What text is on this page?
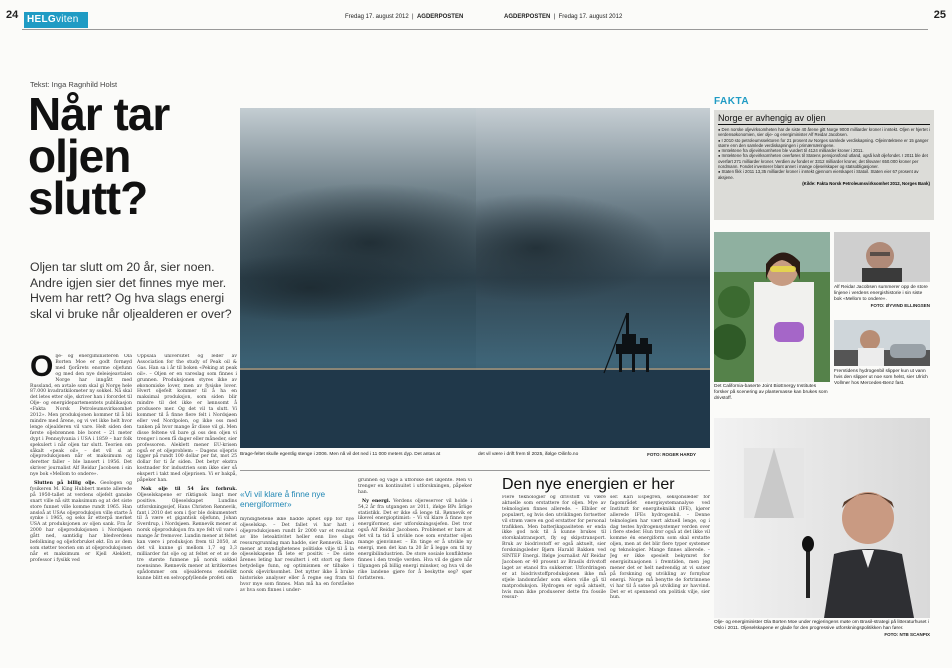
24 HELGviten	Fredag 17. august 2012  |  AGDERPOSTEN
Tekst: Inga Ragnhild Holst
Når tar oljen slutt?
Oljen tar slutt om 20 år, sier noen. Andre igjen sier det finnes mye mer. Hvem har rett? Og hva slags energi skal vi bruke når oljealderen er over?
O lje- og energiministeren Ola Borten Moe er godt fornøyd med fjorårets enorme oljefunn og med den nye deleiejeavtalen Norge har inngått med Russland, en avtale som skal gi Norge hele 87.000 kvadratkilometer ny sokkel. Nå skal det letes etter olje, skriver han i forordet til Olje- og energidepartementets publikasjon «Fakta Norsk Petroleumsvirksomhet 2012». Men produksjonen kommer til å bli mindre med årene, og vi vet ikke helt hvor lenge oljealderen vil vare. Helt siden den første oljebrønnen ble boret – 21 meter dypt i Pennsylvania i USA i 1859 – har folk spekulert i når oljen tar slutt. Teorien om såkalt «peak oil» – det vil si at oljeproduksjonen når et maksimum og deretter faller – ble lansert i 1956. Det skriver journalist Alf Reidar Jacobsen i sin nye bok «Mellom to ondere».

Slutten på billig olje. Geologen og fysikeren M. King Hubbert mente allerede på 1950-tallet at verdens oljefelt ganske snart ville nå sitt maksimum og at det siste store funnet ville komme rundt 1965. Han ansloå at USAs oljeproduksjon ville starte å synke i 1965, og seks år etterpå merket USA at produksjonen av oljen sank. Fra år 2000 har oljeproduksjonen i Nordsjøen gått ned, samtidig har bledverdens befolkning og oljeforbruket økt. En av dem som støtter teorien om at oljeproduksjonen når et maksimum er Kjell Aleklett, professor i fysikk ved

Uppsala universitet og leder av Association for the study of Peak oil & Gas. Han sa i år til boken «Peking at peak oil». – Oljen er en vareslag som finnes i grunnen. Produksjonen styres ikke av økonomiske lover, men av fysiske lover. Hvert oljefelt kommer til å ha en maksimal produksjon, som siden blir mindre til det ikke er lønnsomt å produsere mer. Og det vil ta slutt. Vi kommer til å finne flere felt i Nordsjøen eller ved Nordpolen, og ikke oss med tanken på hvor mange år disse vil gi. Men disse feltene vil bare gi oss den oljen vi trenger i noen få dager eller måneder, sier professoren. Aleklett mener EU-krisen også er et oljeproblem: – Dagens oljepris ligger på rundt 100 dollar per fat, mot 25 dollar for ti år siden. Det betyr ekstra kostnader for industrien som ikke sier så ekspert i takt med oljeprisen. Vi er bakpå, påpeker han.

Nok olje til 54 års forbruk. Oljeselskapene er riktignok langt mer positive. Oljeselskapet Lundins utforskningssjef, Hans Christen Rønnevik, fant i 2010 det som i fjor ble dokumentert til å være et gigantisk oljefunn, Johan Sverdrup, i Nordsjøen. Rønnevik mener at norsk oljeproduksjon fra nye felt vil vare i mange år fremover. Lundin mener at feltet kan være i produksjon frem til 2050, at det vil kunne gi mellom 1,7 og 3,3 milliarder fat olje og at feltet er et av de tre største funnene på norsk sokkel noensinne. Rønnevik mener at kritikernes spådommer om oljealderens endelikt kunne blitt en selvoppfyllende profeti om

Brage-feltet skulle egentlig stenge i 2006. Men nå vil det ned i 11 000 meters dyp. Det antas at
«Vi vil klare å finne nye energiformer»
myndighetene ikke hadde åpnet opp for nye oljeselskap. – Det fallet vi har hatt i oljeproduksjonen rundt år 2000 var et resultat av lite leteaktivitet heller enn live slags ressursgrunnlag man hadde, sier Rønnevik. Han mener at myndighetenes politiske vilje til å la oljeselskapene få lete er positiv. – De siste årenes leting har resultert i ett stort og flere betydelige funn, og optimismen er tilbake i norsk oljevirksomhet. Det nytter ikke å bruke historiske analyser eller å regne seg fram til hvor mye som finnes. Man må ha en forståelse av hva som finnes i under-
grunnen og våge å utforske det ukjente. Men vi trenger en kontinuitet i utforskningen, påpeker han.

Ny energi. Verdens oljereserver vil holde i 54,2 år fra utgangen av 2011, ifølge BPs årlige statistikk. Det er ikke så lenge til. Rønnevik er likevel energioptimist: – Vi vil klare å finne nye energiformer, sier utforskningssjefen. Det tror også Alf Reidar Jacobsen. Problemet er bare at det vil ta tid å utvikle noe som erstatter oljen mange gjenvinner. – En tinge er å utvikle ny energi, men det kan ta 20 år å legge om til ny energibilindustrien. De store sosiale konfliktene finnes i den tredje verden. Hva vil de gjøre når tilgangen på billig energi minsker, og hva vil de rike landene gjøre for å beskytte seg? spør forfatteren.

25
AGDERPOSTEN  |  Fredag 17. august 2012
det vil være i drift frem til 2025, ifølge Oilinfo.no	FOTO: ROGER HARDY
Den nye energien er her
Flere teknologier og drivstoff vil være aktuelle som erstattere for oljen. Mye av teknologien finnes allerede. – Elbiler er populært, og hvis den utviklingen fortsetter vil strøm være en god erstatter for personal trafikken. Men batterikapasiteten er enda ikke god nok til å kunne brukes til storskalatransport, fly og skipstransport. Bruk av biodrivstoff er også aktuelt, sier forskningsleder Bjørn Harald Bakken ved SINTEF Energi. Ifølge journalist Alf Reidar Jacobsen er 40 prosent av Brasils drivstoff laget av etanol fra sukkerrør. Utfordringen er at biodrivstoffproduksjonen ikke må stjele landområder som ellers ville gå til matproduksjon. Hydrogen er også aktuelt, hvis man ikke produserer dette fra fossile ressur-
ser. Kari Espegren, seksjonsleder for fagområdet energisystemanalyse ved Institutt for energiteknikk (IFE), kjører allerede IFEs hydrogenbil. – Denne teknologien har vært aktuell lenge, og i dag testes hydrogensystemer verden over i flere steder. Hun tror også at det ikke vil komme én energiform som skal erstatte oljen, men at det blir flere typer systemer og teknologier. Mange finnes allerede. – Jeg er ikke spesielt bekymret for energisituasjonen i fremtiden, men jeg mener det er helt nødvendig at vi satser på forskning og utvikling av fornybar energi. Norge må benytte de fortrinnene vi har til å satse på utvikling av havvind. Det er et spennend om politisk vilje, sier hun.
FAKTA
Norge er avhengig av oljen
● Den norske oljevirksomheten har de siste 40 årene gitt Norge 9000 milliarder kroner i inntekt. Oljen er hjertet i verdensøkonomien, sier olje- og energiminister Alf Reidar Jacobsen.
● I 2010 sto petroleumssektoren for 21 prosent av Norges samlede verdiskapning. Oljeinntektene er 15 ganger større enn den samlede verdiskapningen i primærnæringene.
● Inntektene fra oljevirksomheten ble vurdert til 4124 milliarder kroner i 2011.
● Inntektene fra oljevirksomheten overføres til Statens pensjonsfond utland, også kalt oljefondet. I 2011 ble det overført 271 milliarder kroner. Verdien av fondet er 3312 milliarder kroner, det tilsvarer 650.000 kroner per nordmann. Fondet investerer blant annet i mange oljeselskaper og statsobligasjoner.
● Staten fikk i 2011 13,35 milliarder kroner i inntekt gjennom eierskapet i Statoil. Staten eier 67 prosent av aksjene.
(Kilde: Fakta Norsk Petroleumsvirksomhet 2012, Norges Bank)
Det California-baserte Joint BioEnergy Institutes forsker på scenering av plantemasse kan brukes som drivstoff.
Alf Reidar Jacobsen summerer opp de store linjene i verdens energishistorie i sin siste bok «Mellom to ondere».
FOTO: ØYVIND ELLINGSEN
Fremtidens hydrogenbil slipper kun ut vann hvis den slipper ut noe som helst, sier Ulrich Vollmer hos Mercedes-Benz fast.
Olje- og energiminister Ola Borten Moe under regjeringens møte om Brasil-strategi på litteraturhuset i Oslo i 2011. Oljeselskapene er glade for den progressive utforskningspolitikken han fører.
FOTO: NTB SCANPIX
